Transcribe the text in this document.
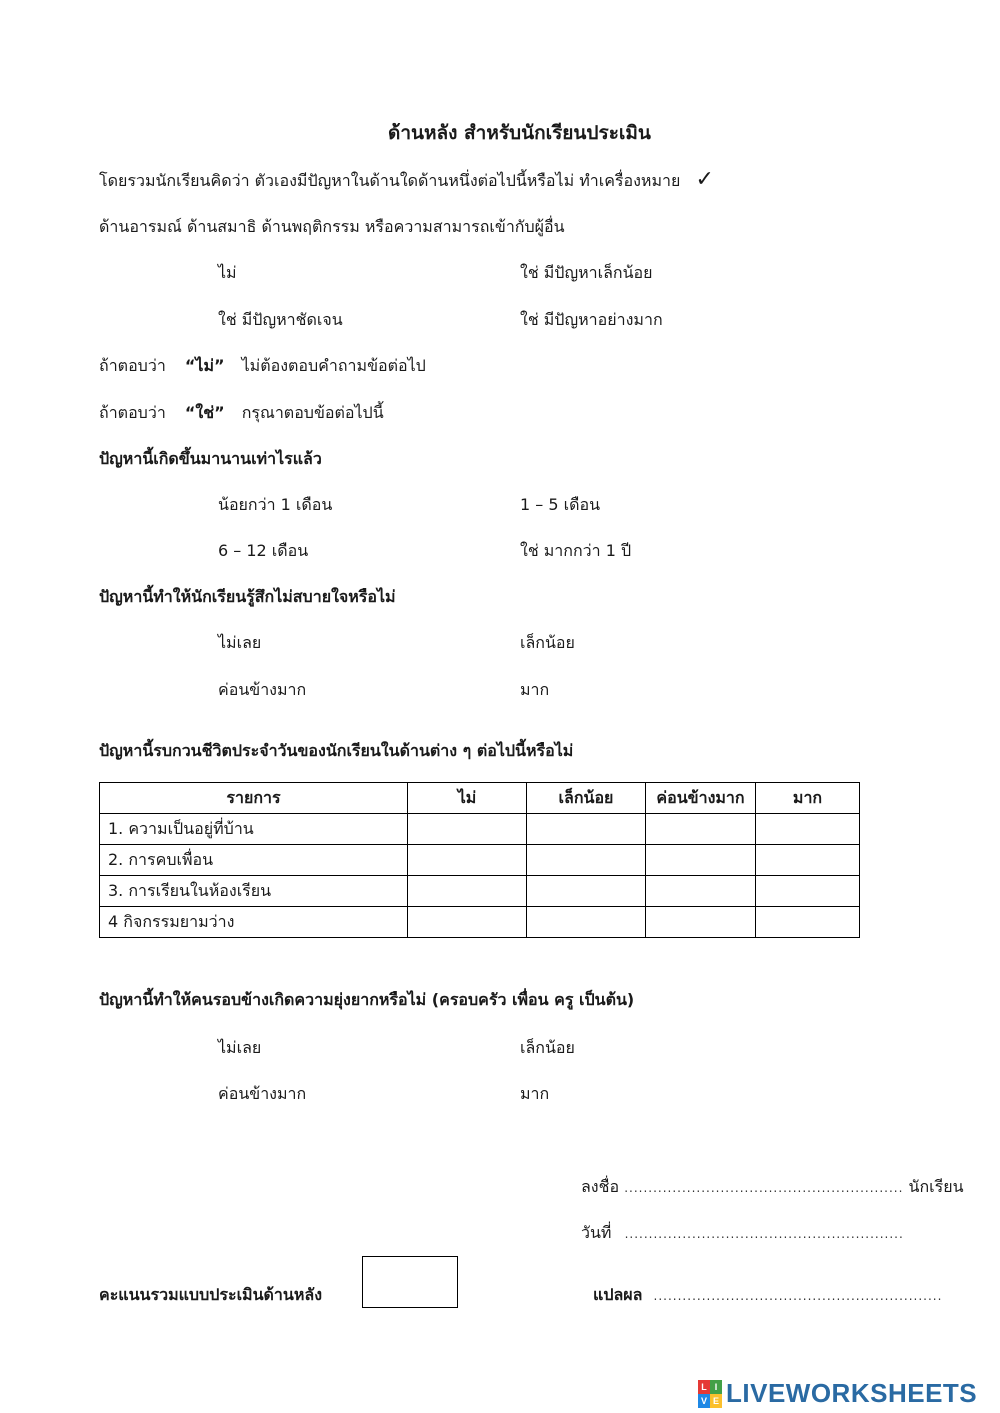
ด้านหลัง สำหรับนักเรียนประเมิน
โดยรวมนักเรียนคิดว่า ตัวเองมีปัญหาในด้านใดด้านหนึ่งต่อไปนี้หรือไม่ ทำเครื่องหมาย ✓
ด้านอารมณ์ ด้านสมาธิ ด้านพฤติกรรม หรือความสามารถเข้ากับผู้อื่น
ไม่	ใช่ มีปัญหาเล็กน้อย
ใช่ มีปัญหาชัดเจน	ใช่ มีปัญหาอย่างมาก
ถ้าตอบว่า “ไม่” ไม่ต้องตอบคำถามข้อต่อไป
ถ้าตอบว่า “ใช่” กรุณาตอบข้อต่อไปนี้
ปัญหานี้เกิดขึ้นมานานเท่าไรแล้ว
น้อยกว่า 1 เดือน	1 – 5 เดือน
6 – 12 เดือน	ใช่ มากกว่า 1 ปี
ปัญหานี้ทำให้นักเรียนรู้สึกไม่สบายใจหรือไม่
ไม่เลย	เล็กน้อย
ค่อนข้างมาก	มาก
ปัญหานี้รบกวนชีวิตประจำวันของนักเรียนในด้านต่าง ๆ ต่อไปนี้หรือไม่
รายการ	ไม่	เล็กน้อย	ค่อนข้างมาก	มาก
1. ความเป็นอยู่ที่บ้าน				
2. การคบเพื่อน				
3. การเรียนในห้องเรียน				
4 กิจกรรมยามว่าง				
ปัญหานี้ทำให้คนรอบข้างเกิดความยุ่งยากหรือไม่ (ครอบครัว เพื่อน ครู เป็นต้น)
ไม่เลย	เล็กน้อย
ค่อนข้างมาก	มาก
ลงชื่อ .......................................................... นักเรียน
วันที่ ..........................................................
คะแนนรวมแบบประเมินด้านหลัง	แปลผล ............................................................
L I
V E LIVEWORKSHEETS
